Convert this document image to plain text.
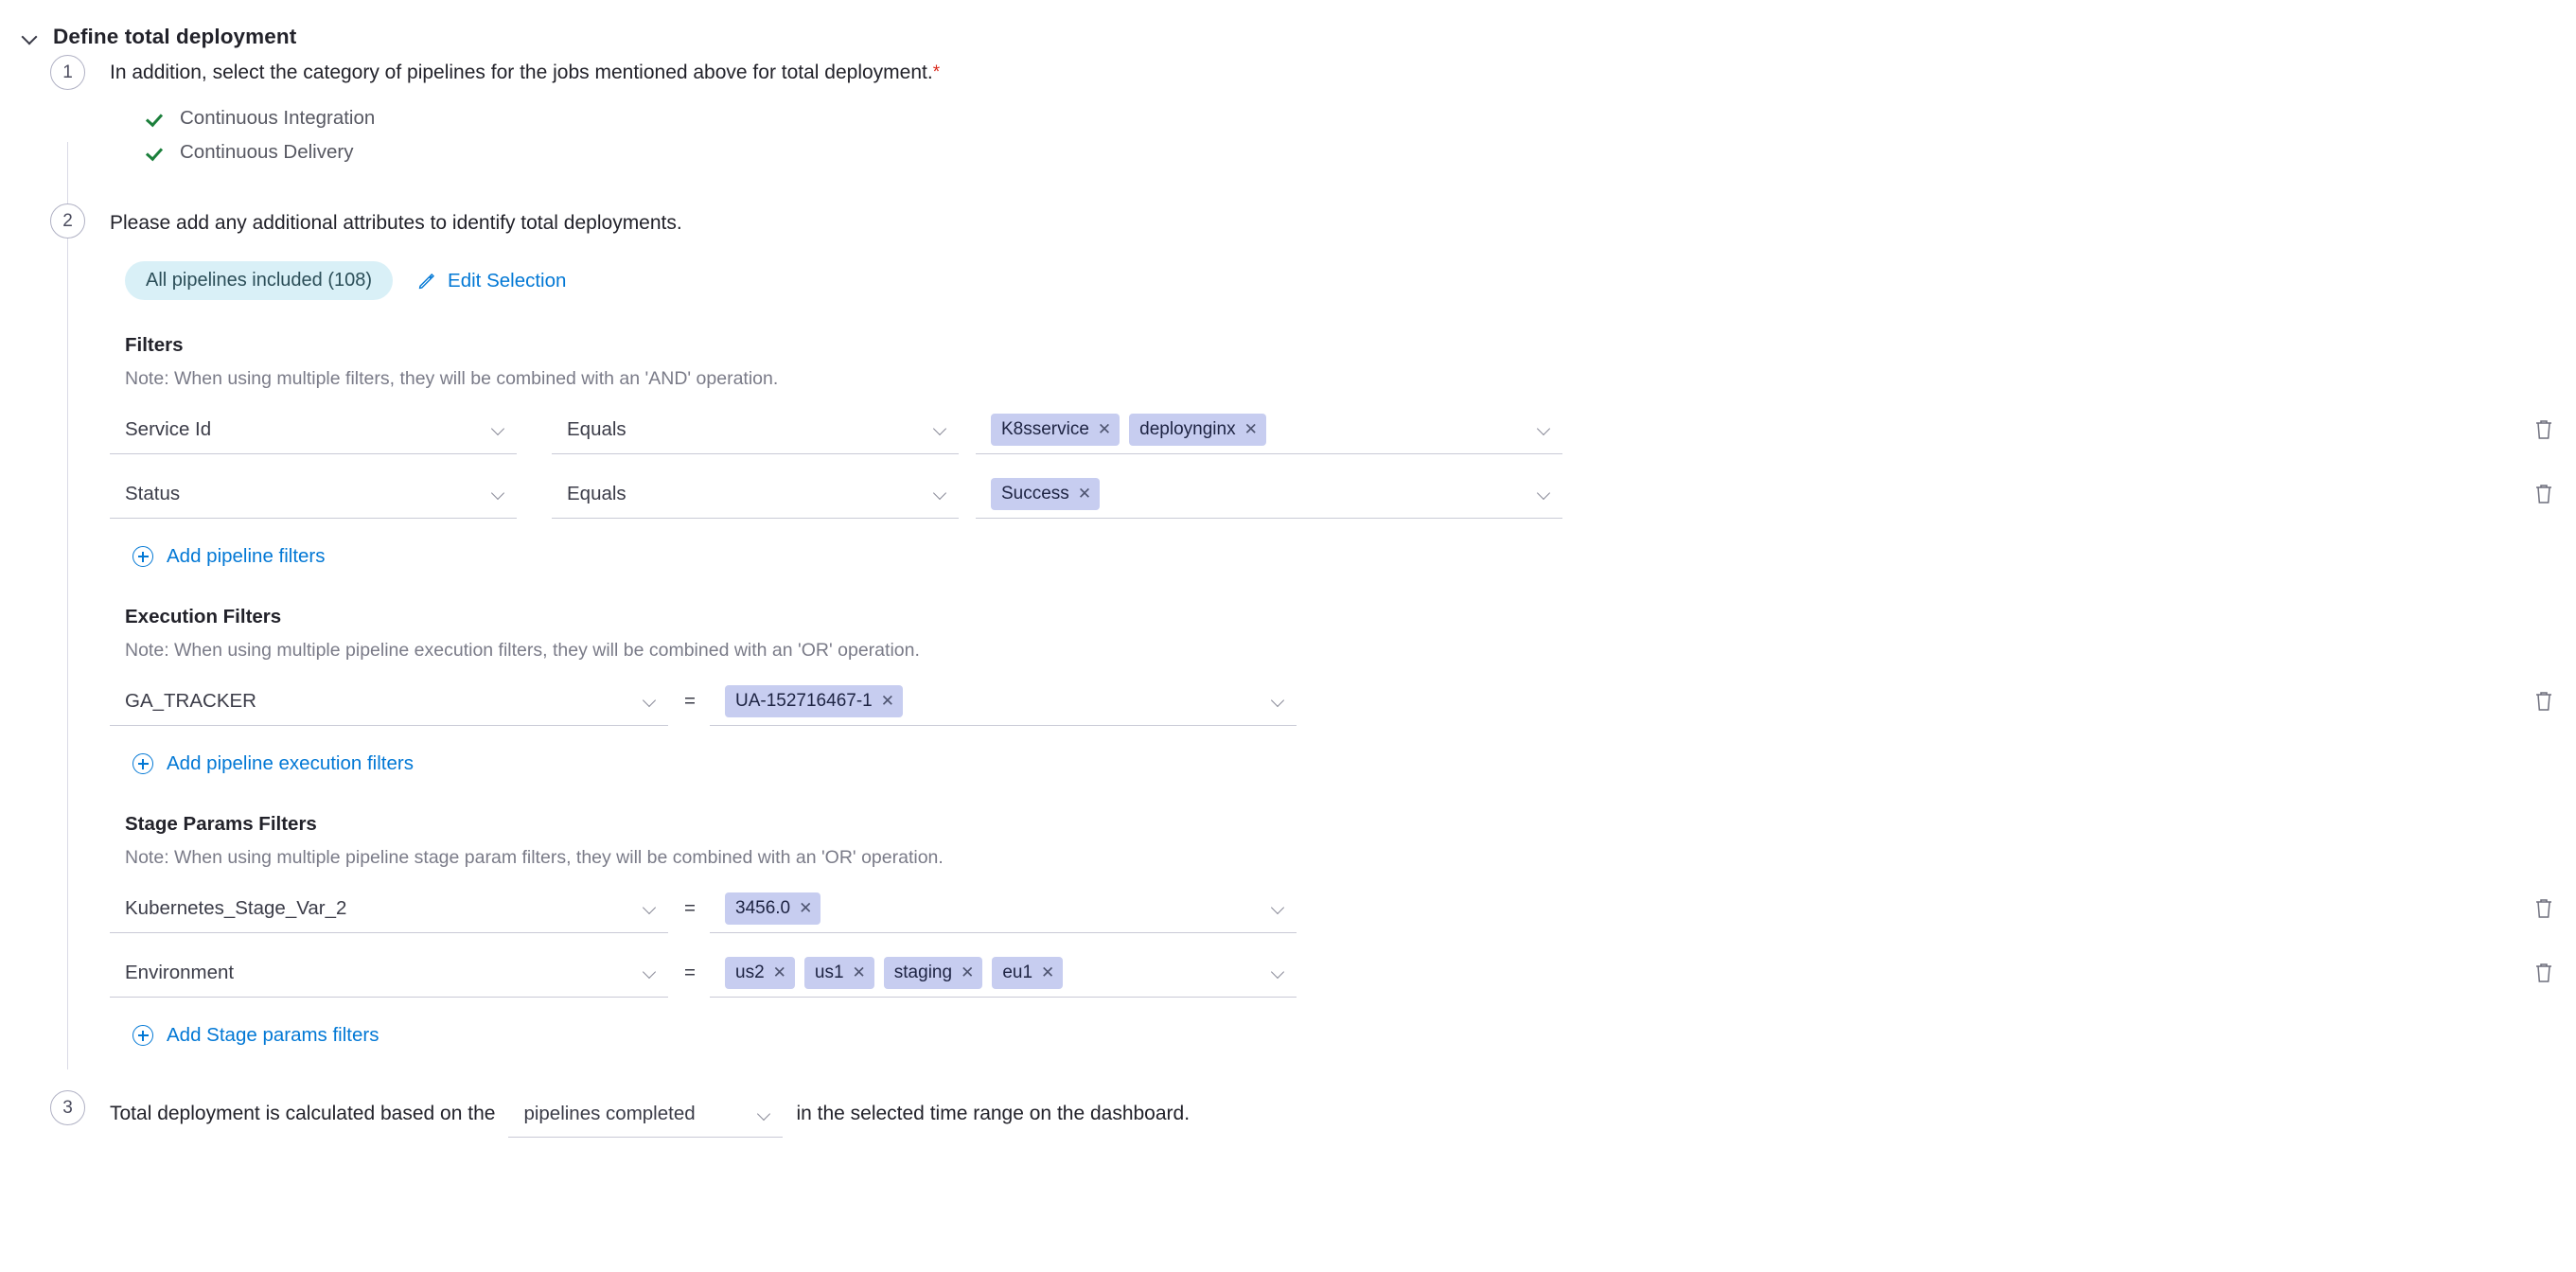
Define total deployment
1	In addition, select the category of pipelines for the jobs mentioned above for total deployment.*
Continuous Integration
Continuous Delivery
2	Please add any additional attributes to identify total deployments.
All pipelines included (108)	Edit Selection
Filters
Note: When using multiple filters, they will be combined with an 'AND' operation.
Service Id	Equals	K8sservice ✕ deploynginx ✕
Status	Equals	Success ✕
Add pipeline filters
Execution Filters
Note: When using multiple pipeline execution filters, they will be combined with an 'OR' operation.
GA_TRACKER	=	UA-152716467-1 ✕
Add pipeline execution filters
Stage Params Filters
Note: When using multiple pipeline stage param filters, they will be combined with an 'OR' operation.
Kubernetes_Stage_Var_2	=	3456.0 ✕
Environment	=	us2 ✕ us1 ✕ staging ✕ eu1 ✕
Add Stage params filters
3	Total deployment is calculated based on the pipelines completed	in the selected time range on the dashboard.
